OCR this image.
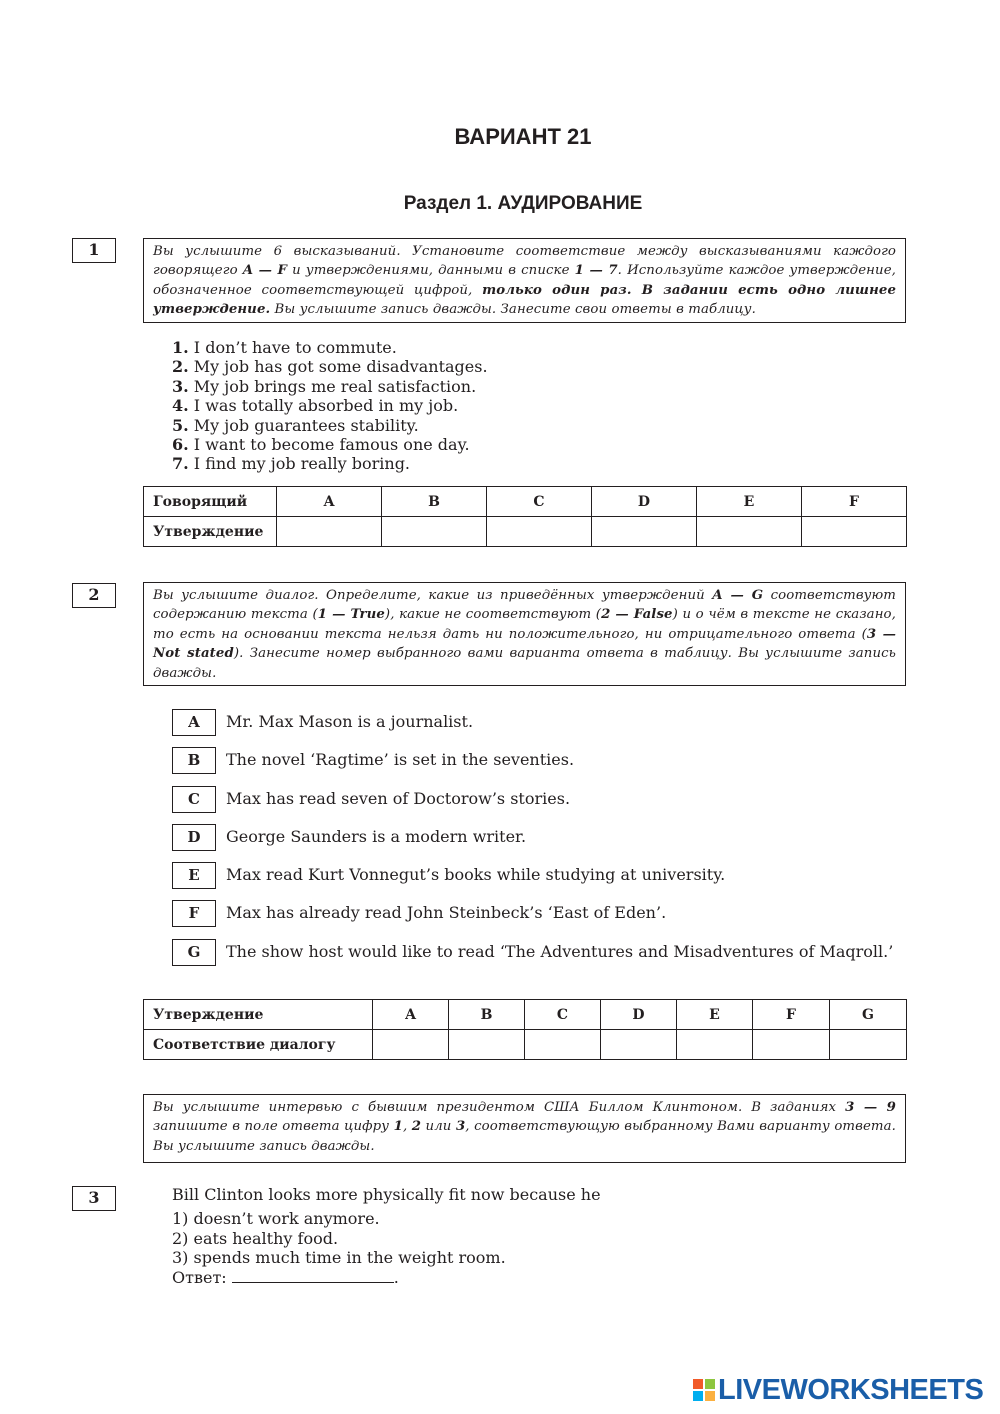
ВАРИАНТ 21
Раздел 1. АУДИРОВАНИЕ
1	Вы услышите 6 высказываний. Установите соответствие между высказываниями каждого говорящего A — F и утверждениями, данными в списке 1 — 7. Используйте каждое утверждение, обозначенное соответствующей цифрой, только один раз. В задании есть одно лишнее утверждение. Вы услышите запись дважды. Занесите свои ответы в таблицу.
1. I don’t have to commute.
2. My job has got some disadvantages.
3. My job brings me real satisfaction.
4. I was totally absorbed in my job.
5. My job guarantees stability.
6. I want to become famous one day.
7. I find my job really boring.
Говорящий	A	B	C	D	E	F
Утверждение						
2	Вы услышите диалог. Определите, какие из приведённых утверждений A — G соответствуют содержанию текста (1 — True), какие не соответствуют (2 — False) и о чём в тексте не сказано, то есть на основании текста нельзя дать ни положительного, ни отрицательного ответа (3 — Not stated). Занесите номер выбранного вами варианта ответа в таблицу. Вы услышите запись дважды.
A	Mr. Max Mason is a journalist.
B	The novel ‘Ragtime’ is set in the seventies.
C	Max has read seven of Doctorow’s stories.
D	George Saunders is a modern writer.
E	Max read Kurt Vonnegut’s books while studying at university.
F	Max has already read John Steinbeck’s ‘East of Eden’.
G	The show host would like to read ‘The Adventures and Misadventures of Maqroll.’
Утверждение	A	B	C	D	E	F	G
Соответствие диалогу							
Вы услышите интервью с бывшим президентом США Биллом Клинтоном. В заданиях 3 — 9 запишите в поле ответа цифру 1, 2 или 3, соответствующую выбранному Вами варианту ответа. Вы услышите запись дважды.
3	Bill Clinton looks more physically fit now because he
1) doesn’t work anymore.
2) eats healthy food.
3) spends much time in the weight room.
Ответ:	.
LIVEWORKSHEETS
